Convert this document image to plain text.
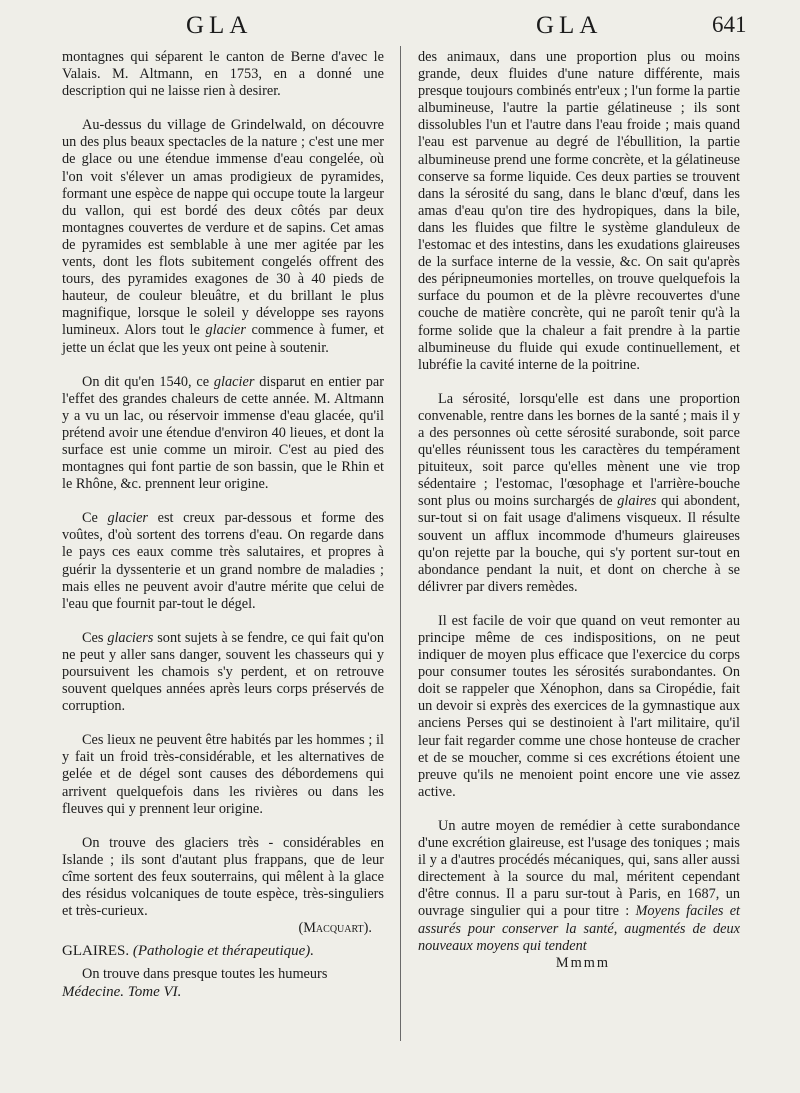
GLA	GLA	641

montagnes qui séparent le canton de Berne d'avec le Valais. M. Altmann, en 1753, en a donné une description qui ne laisse rien à desirer.

Au-dessus du village de Grindelwald, on découvre un des plus beaux spectacles de la nature ; c'est une mer de glace ou une étendue immense d'eau congelée, où l'on voit s'élever un amas prodigieux de pyramides, formant une espèce de nappe qui occupe toute la largeur du vallon, qui est bordé des deux côtés par deux montagnes couvertes de verdure et de sapins. Cet amas de pyramides est semblable à une mer agitée par les vents, dont les flots subitement congelés offrent des tours, des pyramides exagones de 30 à 40 pieds de hauteur, de couleur bleuâtre, et du brillant le plus magnifique, lorsque le soleil y développe ses rayons lumineux. Alors tout le glacier commence à fumer, et jette un éclat que les yeux ont peine à soutenir.

On dit qu'en 1540, ce glacier disparut en entier par l'effet des grandes chaleurs de cette année. M. Altmann y a vu un lac, ou réservoir immense d'eau glacée, qu'il prétend avoir une étendue d'environ 40 lieues, et dont la surface est unie comme un miroir. C'est au pied des montagnes qui font partie de son bassin, que le Rhin et le Rhône, &c. prennent leur origine.

Ce glacier est creux par-dessous et forme des voûtes, d'où sortent des torrens d'eau. On regarde dans le pays ces eaux comme très salutaires, et propres à guérir la dyssenterie et un grand nombre de maladies ; mais elles ne peuvent avoir d'autre mérite que celui de l'eau que fournit par-tout le dégel.

Ces glaciers sont sujets à se fendre, ce qui fait qu'on ne peut y aller sans danger, souvent les chasseurs qui y poursuivent les chamois s'y perdent, et on retrouve souvent quelques années après leurs corps préservés de corruption.

Ces lieux ne peuvent être habités par les hommes ; il y fait un froid très-considérable, et les alternatives de gelée et de dégel sont causes des débordemens qui arrivent quelquefois dans les rivières ou dans les fleuves qui y prennent leur origine.

On trouve des glaciers très - considérables en Islande ; ils sont d'autant plus frappans, que de leur cîme sortent des feux souterrains, qui mêlent à la glace des résidus volcaniques de toute espèce, très-singuliers et très-curieux.

(Macquart).

GLAIRES. (Pathologie et thérapeutique).

On trouve dans presque toutes les humeurs

Médecine. Tome VI.

des animaux, dans une proportion plus ou moins grande, deux fluides d'une nature différente, mais presque toujours combinés entr'eux ; l'un forme la partie albumineuse, l'autre la partie gélatineuse ; ils sont dissolubles l'un et l'autre dans l'eau froide ; mais quand l'eau est parvenue au degré de l'ébullition, la partie albumineuse prend une forme concrète, et la gélatineuse conserve sa forme liquide. Ces deux parties se trouvent dans la sérosité du sang, dans le blanc d'œuf, dans les amas d'eau qu'on tire des hydropiques, dans la bile, dans les fluides que filtre le système glanduleux de l'estomac et des intestins, dans les exudations glaireuses de la surface interne de la vessie, &c. On sait qu'après des péripneumonies mortelles, on trouve quelquefois la surface du poumon et de la plèvre recouvertes d'une couche de matière concrète, qui ne paroît tenir qu'à la forme solide que la chaleur a fait prendre à la partie albumineuse du fluide qui exude continuellement, et lubréfie la cavité interne de la poitrine.

La sérosité, lorsqu'elle est dans une proportion convenable, rentre dans les bornes de la santé ; mais il y a des personnes où cette sérosité surabonde, soit parce qu'elles réunissent tous les caractères du tempérament pituiteux, soit parce qu'elles mènent une vie trop sédentaire ; l'estomac, l'œsophage et l'arrière-bouche sont plus ou moins surchargés de glaires qui abondent, sur-tout si on fait usage d'alimens visqueux. Il résulte souvent un afflux incommode d'humeurs glaireuses qu'on rejette par la bouche, qui s'y portent sur-tout en abondance pendant la nuit, et dont on cherche à se délivrer par divers remèdes.

Il est facile de voir que quand on veut remonter au principe même de ces indispositions, on ne peut indiquer de moyen plus efficace que l'exercice du corps pour consumer toutes les sérosités surabondantes. On doit se rappeler que Xénophon, dans sa Ciropédie, fait un devoir si exprès des exercices de la gymnastique aux anciens Perses qui se destinoient à l'art militaire, qu'il leur fait regarder comme une chose honteuse de cracher et de se moucher, comme si ces excrétions étoient une preuve qu'ils ne menoient point encore une vie assez active.

Un autre moyen de remédier à cette surabondance d'une excrétion glaireuse, est l'usage des toniques ; mais il y a d'autres procédés mécaniques, qui, sans aller aussi directement à la source du mal, méritent cependant d'être connus. Il a paru sur-tout à Paris, en 1687, un ouvrage singulier qui a pour titre : Moyens faciles et assurés pour conserver la santé, augmentés de deux nouveaux moyens qui tendent

Mmmm
